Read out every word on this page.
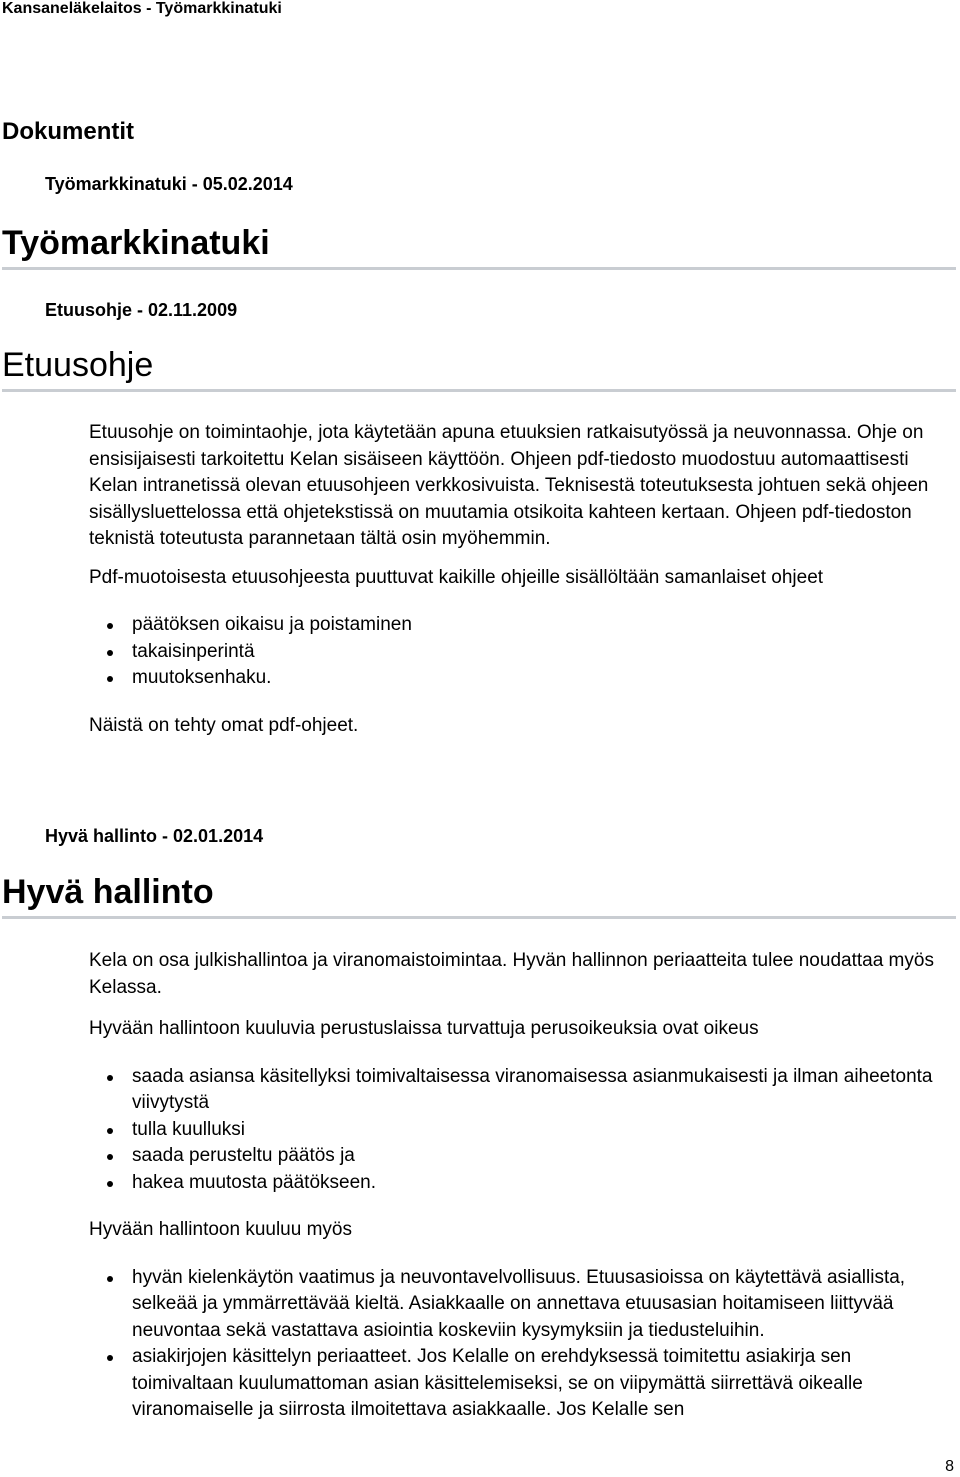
Kansaneläkelaitos - Työmarkkinatuki
Dokumentit
Työmarkkinatuki - 05.02.2014
Työmarkkinatuki
Etuusohje - 02.11.2009
Etuusohje

Etuusohje on toimintaohje, jota käytetään apuna etuuksien ratkaisutyössä ja neuvonnassa. Ohje on ensisijaisesti tarkoitettu Kelan sisäiseen käyttöön. Ohjeen pdf-tiedosto muodostuu automaattisesti Kelan intranetissä olevan etuusohjeen verkkosivuista. Teknisestä toteutuksesta johtuen sekä ohjeen sisällysluettelossa että ohjetekstissä on muutamia otsikoita kahteen kertaan. Ohjeen pdf-tiedoston teknistä toteutusta parannetaan tältä osin myöhemmin.

Pdf-muotoisesta etuusohjeesta puuttuvat kaikille ohjeille sisällöltään samanlaiset ohjeet

päätöksen oikaisu ja poistaminen
takaisinperintä
muutoksenhaku.

Näistä on tehty omat pdf-ohjeet.

Hyvä hallinto - 02.01.2014
Hyvä hallinto

Kela on osa julkishallintoa ja viranomaistoimintaa. Hyvän hallinnon periaatteita tulee noudattaa myös Kelassa.

Hyvään hallintoon kuuluvia perustuslaissa turvattuja perusoikeuksia ovat oikeus

saada asiansa käsitellyksi toimivaltaisessa viranomaisessa asianmukaisesti ja ilman aiheetonta viivytystä
tulla kuulluksi
saada perusteltu päätös ja
hakea muutosta päätökseen.

Hyvään hallintoon kuuluu myös

hyvän kielenkäytön vaatimus ja neuvontavelvollisuus. Etuusasioissa on käytettävä asiallista, selkeää ja ymmärrettävää kieltä. Asiakkaalle on annettava etuusasian hoitamiseen liittyvää neuvontaa sekä vastattava asiointia koskeviin kysymyksiin ja tiedusteluihin.
asiakirjojen käsittelyn periaatteet. Jos Kelalle on erehdyksessä toimitettu asiakirja sen toimivaltaan kuulumattoman asian käsittelemiseksi, se on viipymättä siirrettävä oikealle viranomaiselle ja siirrosta ilmoitettava asiakkaalle. Jos Kelalle sen
8
